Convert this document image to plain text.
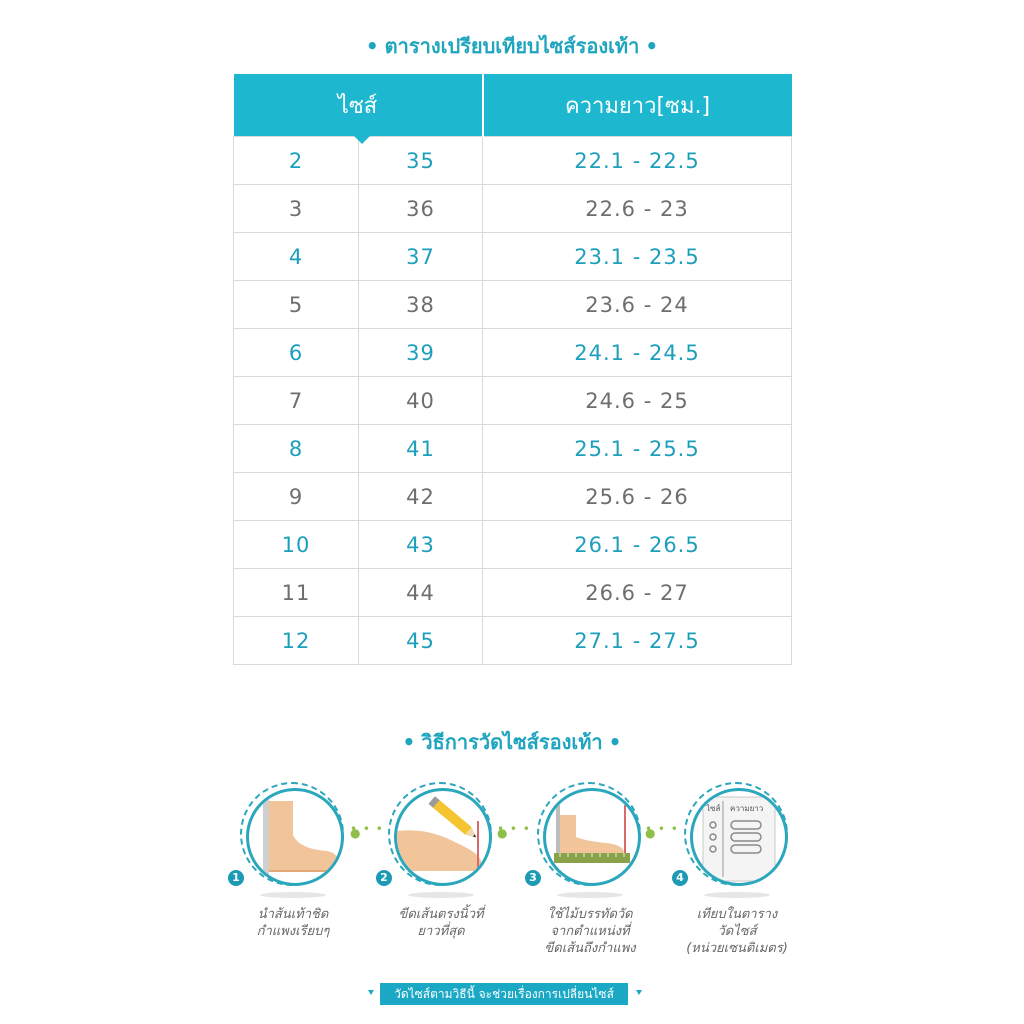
• ตารางเปรียบเทียบไซส์รองเท้า •
ไซส์		ความยาว[ซม.]
2	35	22.1 - 22.5
3	36	22.6 - 23
4	37	23.1 - 23.5
5	38	23.6 - 24
6	39	24.1 - 24.5
7	40	24.6 - 25
8	41	25.1 - 25.5
9	42	25.6 - 26
10	43	26.1 - 26.5
11	44	26.6 - 27
12	45	27.1 - 27.5
• วิธีการวัดไซส์รองเท้า •
1
นำส้นเท้าชิด
กำแพงเรียบๆ
• • • ●
2
ขีดเส้นตรงนิ้วที่
ยาวที่สุด
• • • ●
3
ใช้ไม้บรรทัดวัด
จากตำแหน่งที่
ขีดเส้นถึงกำแพง
• • • ●
ไซส์ ความยาว
4
เทียบในตาราง
วัดไซส์
(หน่วยเซนติเมตร)
วัดไซส์ตามวิธีนี้ จะช่วยเรื่องการเปลี่ยนไซส์
